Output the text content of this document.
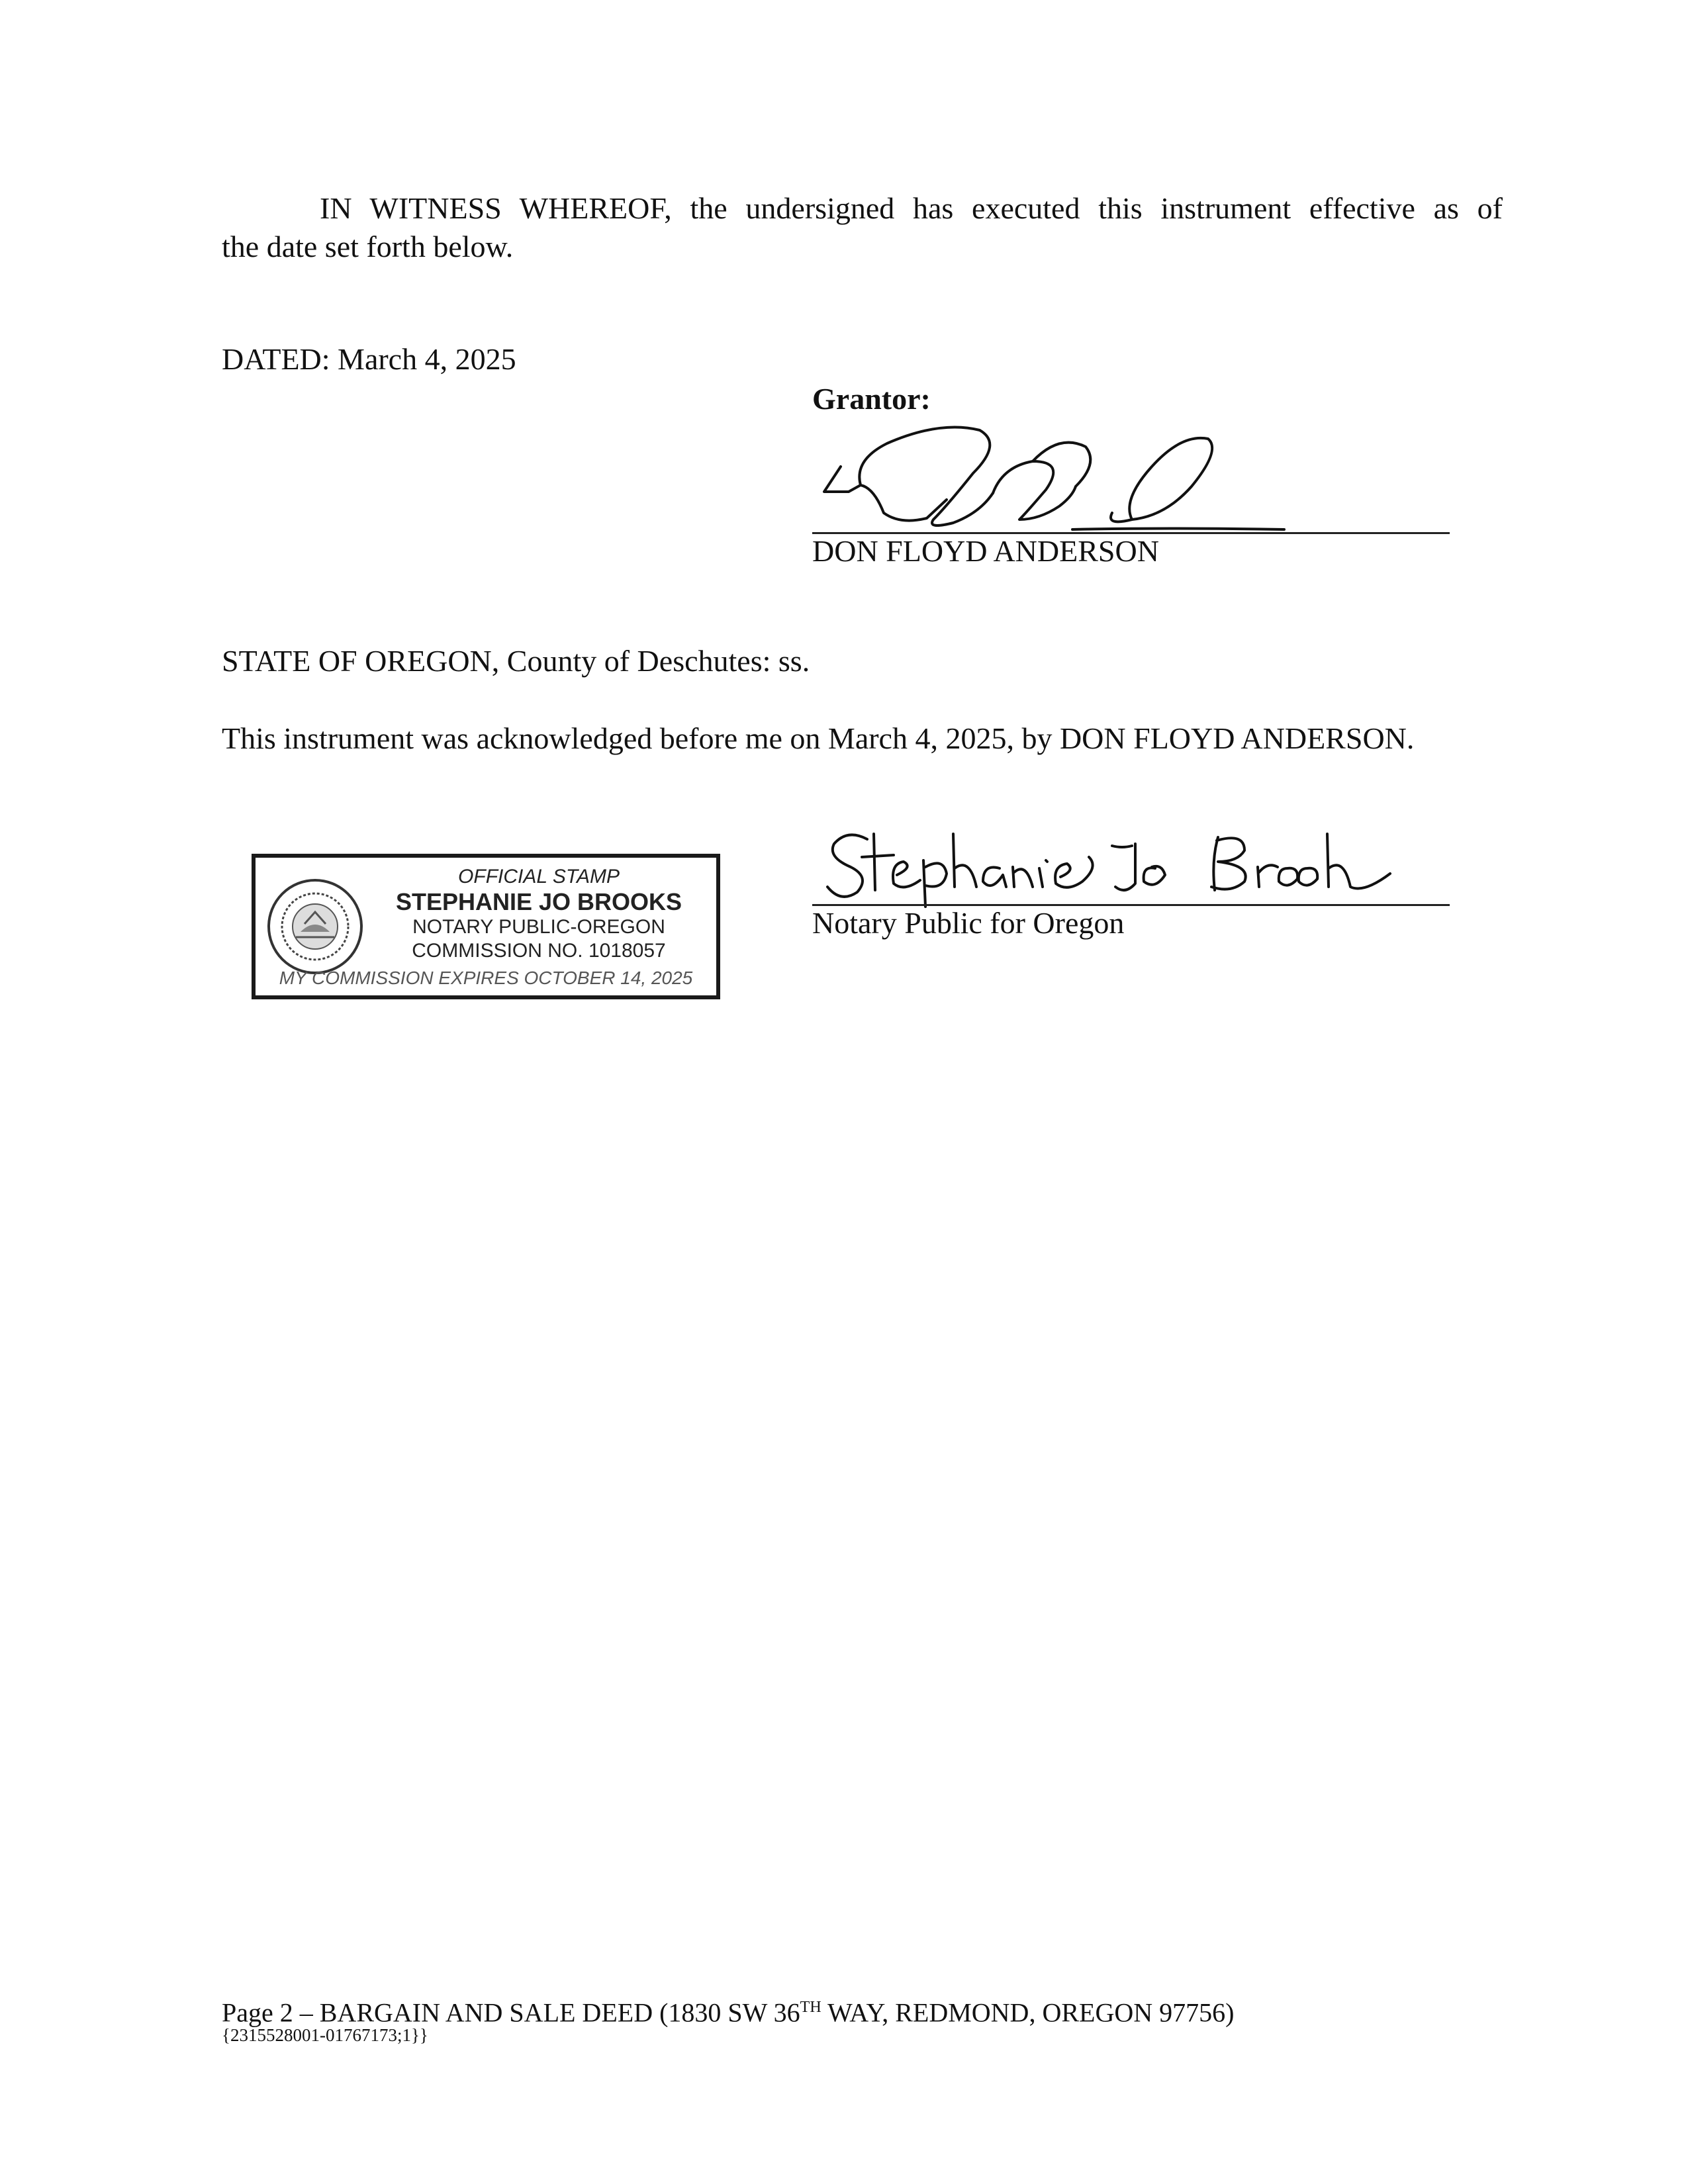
IN WITNESS WHEREOF, the undersigned has executed this instrument effective as of
the date set forth below.
DATED: March 4, 2025
Grantor:
DON FLOYD ANDERSON
STATE OF OREGON, County of Deschutes: ss.
This instrument was acknowledged before me on March 4, 2025, by DON FLOYD ANDERSON.
OFFICIAL STAMP
STEPHANIE JO BROOKS
NOTARY PUBLIC-OREGON
COMMISSION NO. 1018057
MY COMMISSION EXPIRES OCTOBER 14, 2025
Notary Public for Oregon
Page 2 – BARGAIN AND SALE DEED (1830 SW 36TH WAY, REDMOND, OREGON 97756)
{2315528001-01767173;1}}
